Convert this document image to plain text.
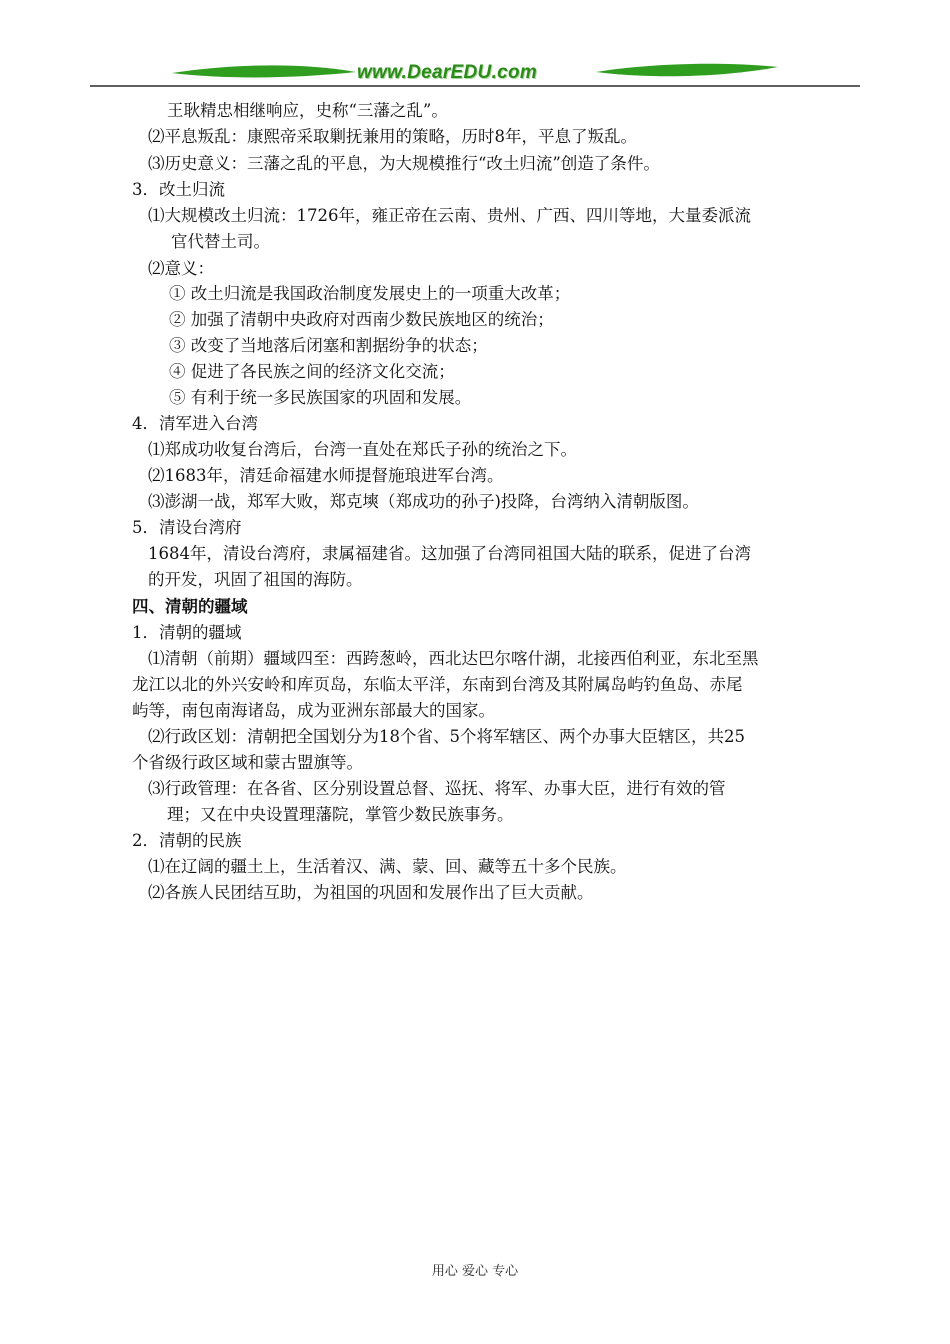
www.DearEDU.com
王耿精忠相继响应，史称“三藩之乱”。
⑵平息叛乱：康熙帝采取剿抚兼用的策略，历时8年，平息了叛乱。
⑶历史意义：三藩之乱的平息，为大规模推行“改土归流”创造了条件。
3．改土归流
⑴大规模改土归流：1726年，雍正帝在云南、贵州、广西、四川等地，大量委派流
官代替土司。
⑵意义：
① 改土归流是我国政治制度发展史上的一项重大改革；
② 加强了清朝中央政府对西南少数民族地区的统治；
③ 改变了当地落后闭塞和割据纷争的状态；
④ 促进了各民族之间的经济文化交流；
⑤ 有利于统一多民族国家的巩固和发展。
4．清军进入台湾
⑴郑成功收复台湾后，台湾一直处在郑氏子孙的统治之下。
⑵1683年，清廷命福建水师提督施琅进军台湾。
⑶澎湖一战，郑军大败，郑克塽（郑成功的孙子)投降，台湾纳入清朝版图。
5．清设台湾府
1684年，清设台湾府，隶属福建省。这加强了台湾同祖国大陆的联系，促进了台湾
的开发，巩固了祖国的海防。
四、清朝的疆域
1．清朝的疆域
⑴清朝（前期）疆域四至：西跨葱岭，西北达巴尔喀什湖，北接西伯利亚，东北至黑
龙江以北的外兴安岭和库页岛，东临太平洋，东南到台湾及其附属岛屿钓鱼岛、赤尾
屿等，南包南海诸岛，成为亚洲东部最大的国家。
⑵行政区划：清朝把全国划分为18个省、5个将军辖区、两个办事大臣辖区，共25
个省级行政区域和蒙古盟旗等。
⑶行政管理：在各省、区分别设置总督、巡抚、将军、办事大臣，进行有效的管
理；又在中央设置理藩院，掌管少数民族事务。
2．清朝的民族
⑴在辽阔的疆土上，生活着汉、满、蒙、回、藏等五十多个民族。
⑵各族人民团结互助，为祖国的巩固和发展作出了巨大贡献。
用心 爱心 专心
